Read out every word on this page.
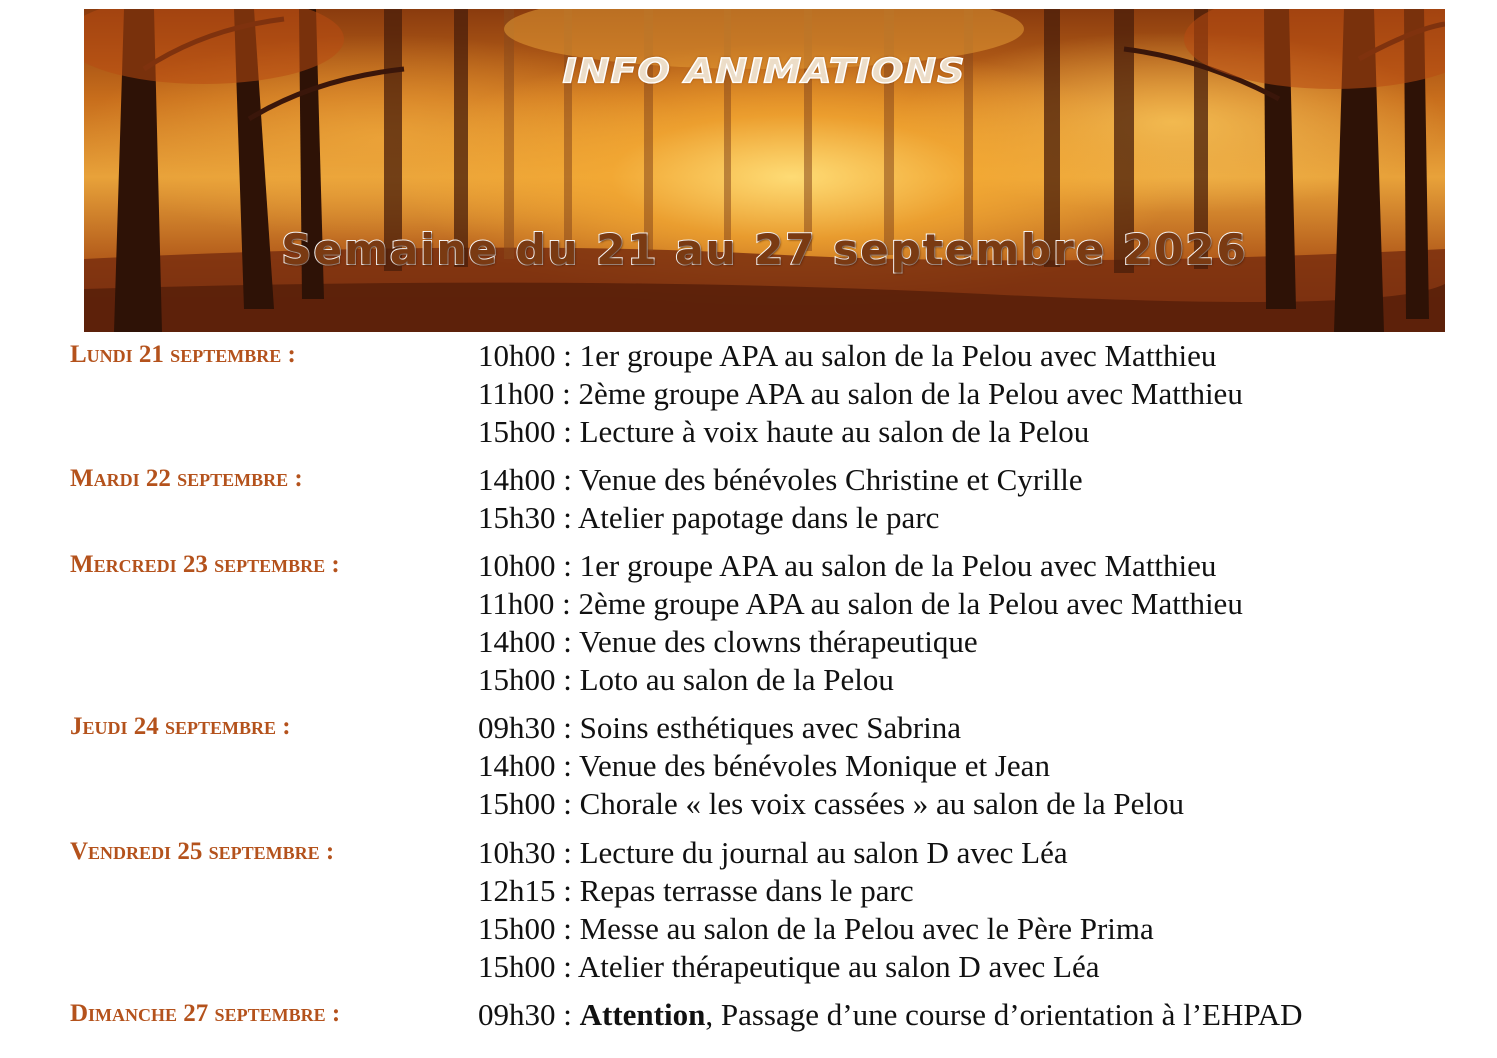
INFO ANIMATIONS
Semaine du 21 au 27 septembre 2026
Lundi 21 septembre :	10h00 : 1er groupe APA au salon de la Pelou avec Matthieu
11h00 : 2ème groupe APA au salon de la Pelou avec Matthieu
15h00 : Lecture à voix haute au salon de la Pelou
Mardi 22 septembre :	14h00 : Venue des bénévoles Christine et Cyrille
15h30 : Atelier papotage dans le parc
Mercredi 23 septembre :	10h00 : 1er groupe APA au salon de la Pelou avec Matthieu
11h00 : 2ème groupe APA au salon de la Pelou avec Matthieu
14h00 : Venue des clowns thérapeutique
15h00 : Loto au salon de la Pelou
Jeudi 24 septembre :	09h30 : Soins esthétiques avec Sabrina
14h00 : Venue des bénévoles Monique et Jean
15h00 : Chorale « les voix cassées » au salon de la Pelou
Vendredi 25 septembre :	10h30 : Lecture du journal au salon D avec Léa
12h15 : Repas terrasse dans le parc
15h00 : Messe au salon de la Pelou avec le Père Prima
15h00 : Atelier thérapeutique au salon D avec Léa
Dimanche 27 septembre :	09h30 : Attention, Passage d’une course d’orientation à l’EHPAD
